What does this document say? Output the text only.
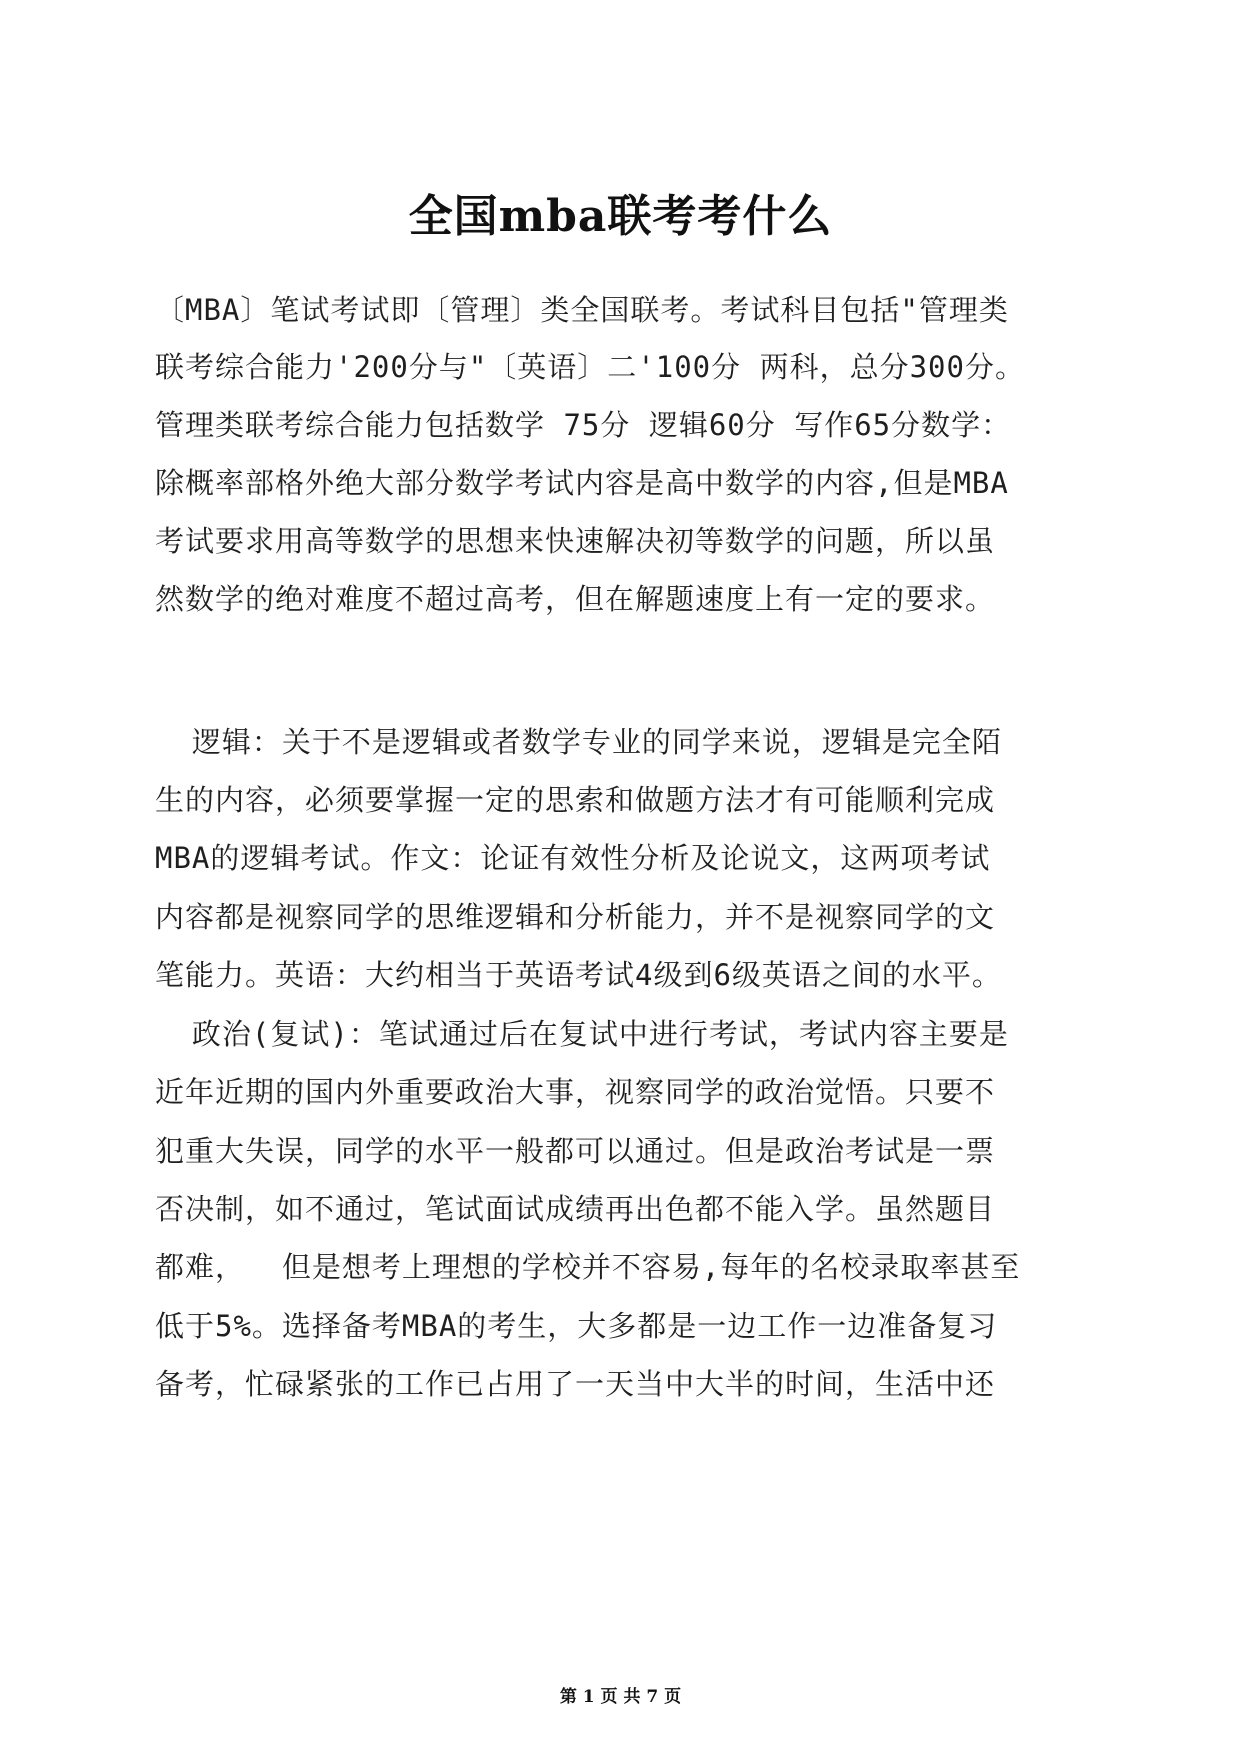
全国mba联考考什么
〔MBA〕笔试考试即〔管理〕类全国联考。考试科目包括"管理类
联考综合能力'200分与"〔英语〕二'100分 两科，总分300分。
管理类联考综合能力包括数学 75分 逻辑60分 写作65分数学：
除概率部格外绝大部分数学考试内容是高中数学的内容,但是MBA
考试要求用高等数学的思想来快速解决初等数学的问题，所以虽
然数学的绝对难度不超过高考，但在解题速度上有一定的要求。
逻辑：关于不是逻辑或者数学专业的同学来说，逻辑是完全陌
生的内容，必须要掌握一定的思索和做题方法才有可能顺利完成
MBA的逻辑考试。作文：论证有效性分析及论说文，这两项考试
内容都是视察同学的思维逻辑和分析能力，并不是视察同学的文
笔能力。英语：大约相当于英语考试4级到6级英语之间的水平。
政治(复试)：笔试通过后在复试中进行考试，考试内容主要是
近年近期的国内外重要政治大事，视察同学的政治觉悟。只要不
犯重大失误，同学的水平一般都可以通过。但是政治考试是一票
否决制，如不通过，笔试面试成绩再出色都不能入学。虽然题目
都难，  但是想考上理想的学校并不容易,每年的名校录取率甚至
低于5%。选择备考MBA的考生，大多都是一边工作一边准备复习
备考，忙碌紧张的工作已占用了一天当中大半的时间，生活中还
第 1 页 共 7 页
